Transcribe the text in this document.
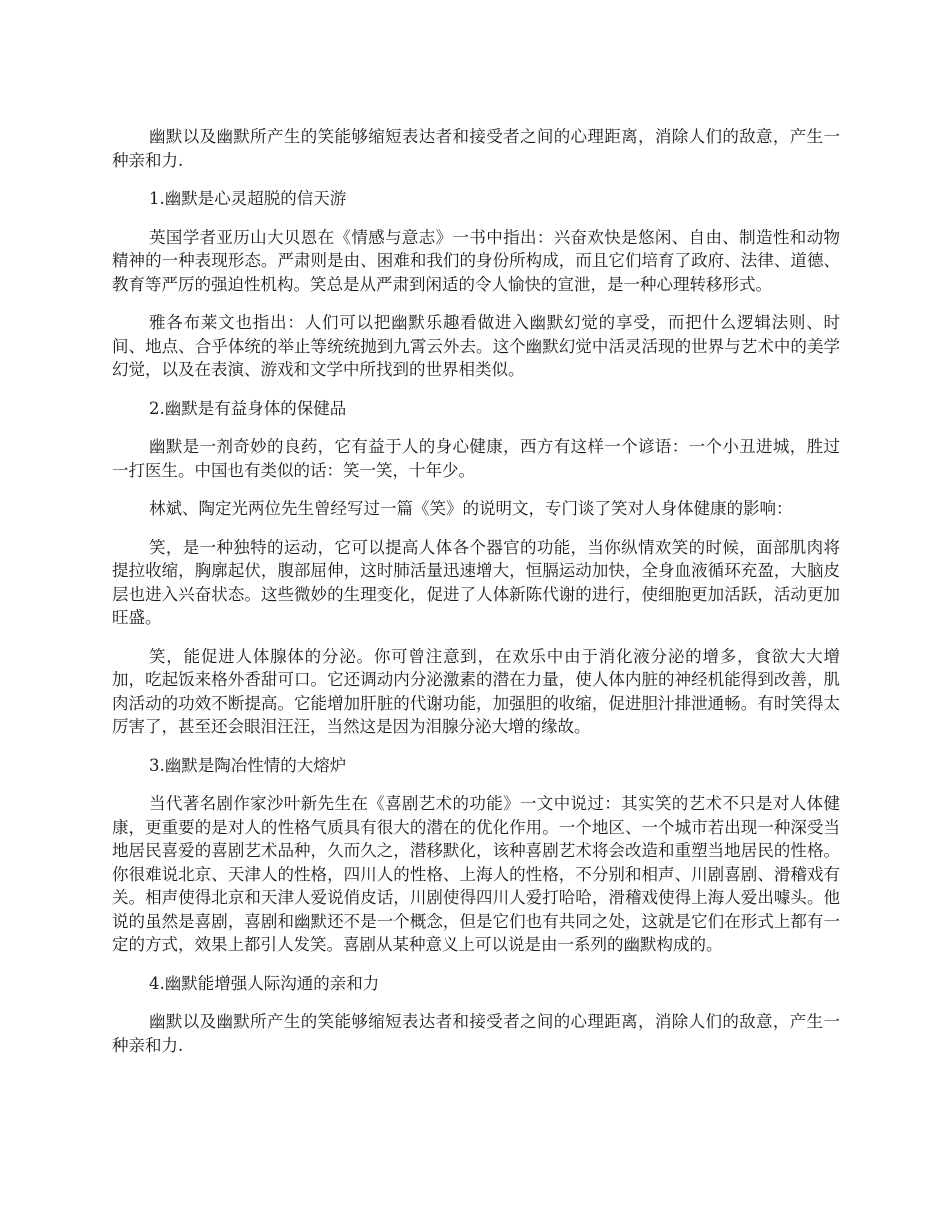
幽默以及幽默所产生的笑能够缩短表达者和接受者之间的心理距离，消除人们的敌意，产生一种亲和力.

1.幽默是心灵超脱的信天游

英国学者亚历山大贝恩在《情感与意志》一书中指出：兴奋欢快是悠闲、自由、制造性和动物精神的一种表现形态。严肃则是由、困难和我们的身份所构成，而且它们培育了政府、法律、道德、教育等严厉的强迫性机构。笑总是从严肃到闲适的令人愉快的宣泄，是一种心理转移形式。

雅各布莱文也指出：人们可以把幽默乐趣看做进入幽默幻觉的享受，而把什么逻辑法则、时间、地点、合乎体统的举止等统统抛到九霄云外去。这个幽默幻觉中活灵活现的世界与艺术中的美学幻觉，以及在表演、游戏和文学中所找到的世界相类似。

2.幽默是有益身体的保健品

幽默是一剂奇妙的良药，它有益于人的身心健康，西方有这样一个谚语：一个小丑进城，胜过一打医生。中国也有类似的话：笑一笑，十年少。

林斌、陶定光两位先生曾经写过一篇《笑》的说明文，专门谈了笑对人身体健康的影响：

笑，是一种独特的运动，它可以提高人体各个器官的功能，当你纵情欢笑的时候，面部肌肉将提拉收缩，胸廓起伏，腹部屈伸，这时肺活量迅速增大，恒膈运动加快，全身血液循环充盈，大脑皮层也进入兴奋状态。这些微妙的生理变化，促进了人体新陈代谢的进行，使细胞更加活跃，活动更加旺盛。

笑，能促进人体腺体的分泌。你可曾注意到，在欢乐中由于消化液分泌的增多，食欲大大增加，吃起饭来格外香甜可口。它还调动内分泌激素的潜在力量，使人体内脏的神经机能得到改善，肌肉活动的功效不断提高。它能增加肝脏的代谢功能，加强胆的收缩，促进胆汁排泄通畅。有时笑得太厉害了，甚至还会眼泪汪汪，当然这是因为泪腺分泌大增的缘故。

3.幽默是陶冶性情的大熔炉

当代著名剧作家沙叶新先生在《喜剧艺术的功能》一文中说过：其实笑的艺术不只是对人体健康，更重要的是对人的性格气质具有很大的潜在的优化作用。一个地区、一个城市若出现一种深受当地居民喜爱的喜剧艺术品种，久而久之，潜移默化，该种喜剧艺术将会改造和重塑当地居民的性格。你很难说北京、天津人的性格，四川人的性格、上海人的性格，不分别和相声、川剧喜剧、滑稽戏有关。相声使得北京和天津人爱说俏皮话，川剧使得四川人爱打哈哈，滑稽戏使得上海人爱出噱头。他说的虽然是喜剧，喜剧和幽默还不是一个概念，但是它们也有共同之处，这就是它们在形式上都有一定的方式，效果上都引人发笑。喜剧从某种意义上可以说是由一系列的幽默构成的。

4.幽默能增强人际沟通的亲和力

幽默以及幽默所产生的笑能够缩短表达者和接受者之间的心理距离，消除人们的敌意，产生一种亲和力.
